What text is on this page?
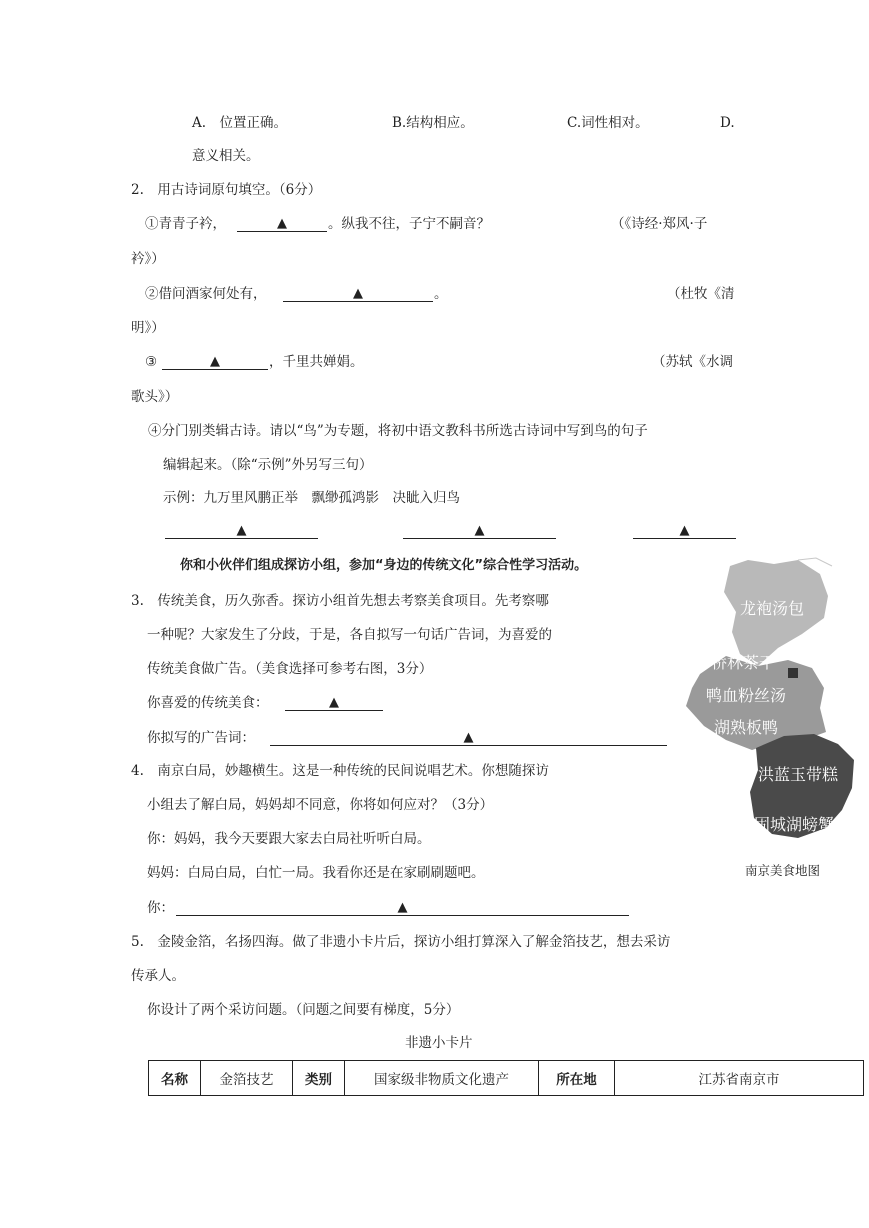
A.　位置正确。	B.结构相应。	C.词性相对。	D.
意义相关。
2.　用古诗词原句填空。（6分）
①青青子衿，	▲	。纵我不往，子宁不嗣音？	（《诗经·郑风·子
衿》）
②借问酒家何处有，	▲	。	（杜牧《清
明》）
③	▲	，千里共婵娟。	（苏轼《水调
歌头》）
④分门别类辑古诗。请以“鸟”为专题，将初中语文教科书所选古诗词中写到鸟的句子
编辑起来。（除“示例”外另写三句）
示例：九万里风鹏正举　飘缈孤鸿影　决眦入归鸟
▲	▲	▲
你和小伙伴们组成探访小组，参加“身边的传统文化”综合性学习活动。
3.　传统美食，历久弥香。探访小组首先想去考察美食项目。先考察哪
一种呢？大家发生了分歧，于是，各自拟写一句话广告词，为喜爱的
传统美食做广告。（美食选择可参考右图，3分）
你喜爱的传统美食：	▲
你拟写的广告词：	▲
龙袍汤包
桥林茶干
鸭血粉丝汤
湖熟板鸭
洪蓝玉带糕
固城湖螃蟹
南京美食地图
4.　南京白局，妙趣横生。这是一种传统的民间说唱艺术。你想随探访
小组去了解白局，妈妈却不同意，你将如何应对？（3分）
你：妈妈，我今天要跟大家去白局社听听白局。
妈妈：白局白局，白忙一局。我看你还是在家刷刷题吧。
你：	▲
5.　金陵金箔，名扬四海。做了非遗小卡片后，探访小组打算深入了解金箔技艺，想去采访
传承人。
你设计了两个采访问题。（问题之间要有梯度，5分）
非遗小卡片
名称	金箔技艺	类别	国家级非物质文化遗产	所在地	江苏省南京市
